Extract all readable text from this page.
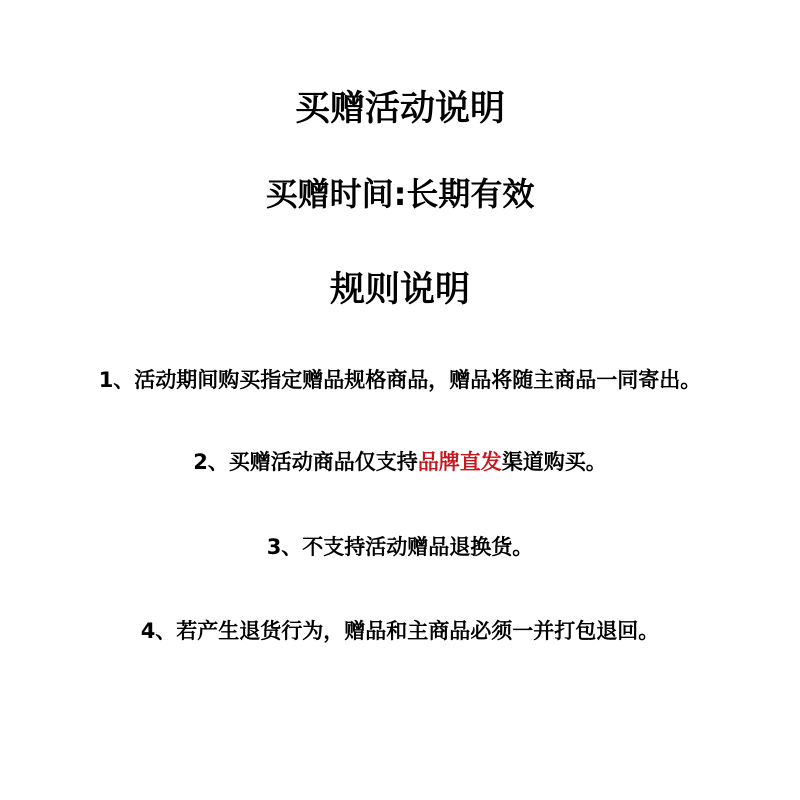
买赠活动说明
买赠时间:长期有效
规则说明
1、活动期间购买指定赠品规格商品，赠品将随主商品一同寄出。
2、买赠活动商品仅支持品牌直发渠道购买。
3、不支持活动赠品退换货。
4、若产生退货行为，赠品和主商品必须一并打包退回。
